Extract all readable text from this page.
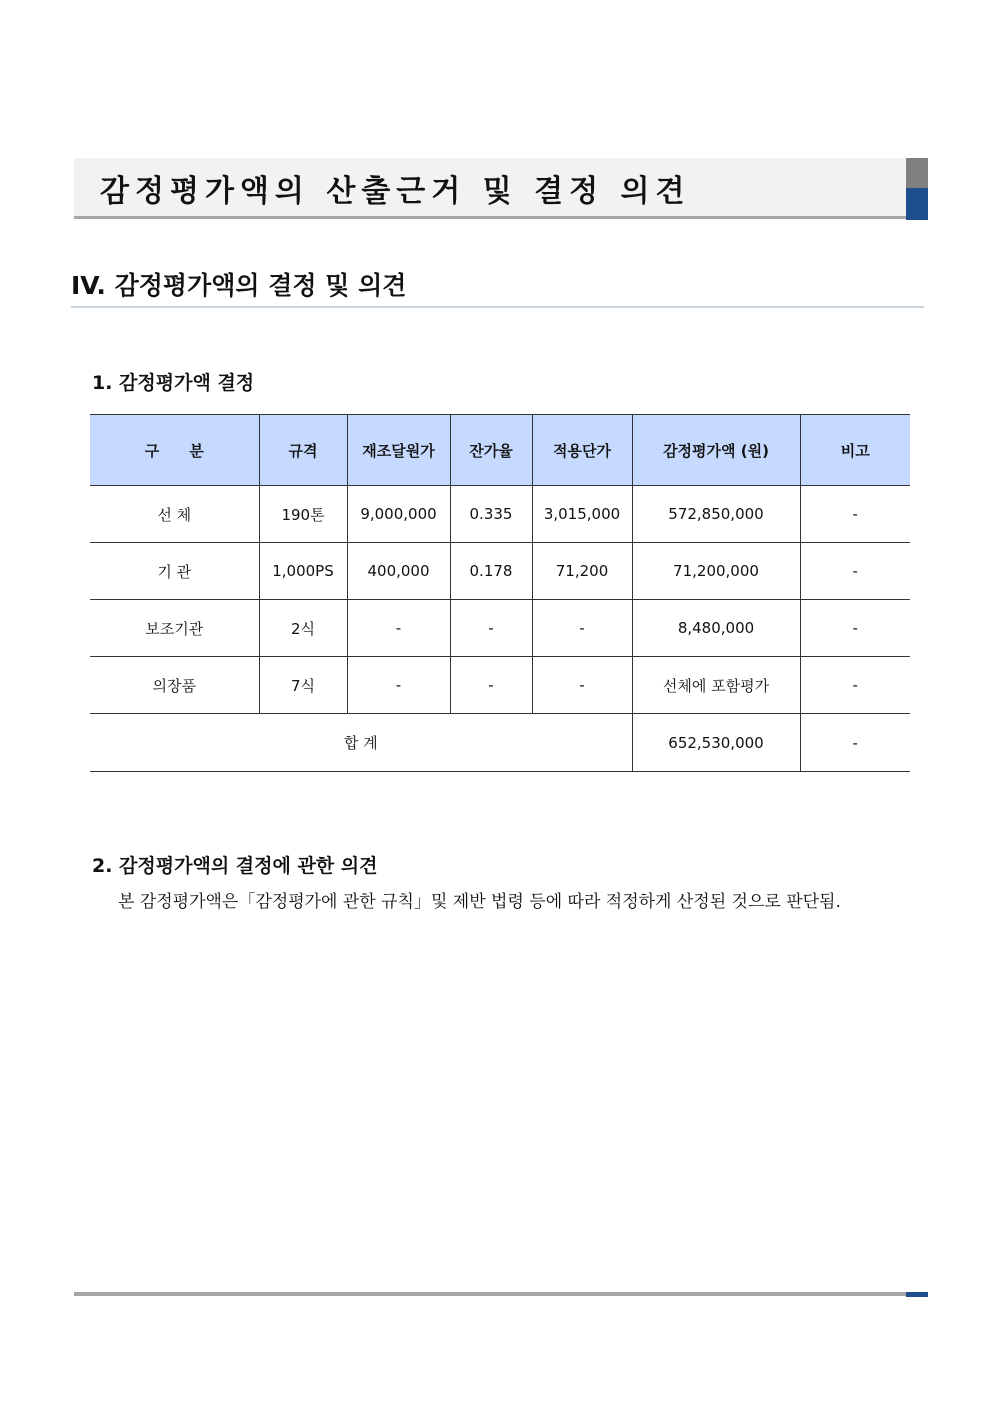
감정평가액의 산출근거 및 결정 의견
IV. 감정평가액의 결정 및 의견
1. 감정평가액 결정
구　　분	규격	재조달원가	잔가율	적용단가	감정평가액 (원)	비고
선 체	190톤	9,000,000	0.335	3,015,000	572,850,000	-
기 관	1,000PS	400,000	0.178	71,200	71,200,000	-
보조기관	2식	-	-	-	8,480,000	-
의장품	7식	-	-	-	선체에 포함평가	-
합 계					652,530,000	-
2. 감정평가액의 결정에 관한 의견
본 감정평가액은「감정평가에 관한 규칙」및 제반 법령 등에 따라 적정하게 산정된 것으로 판단됨.
